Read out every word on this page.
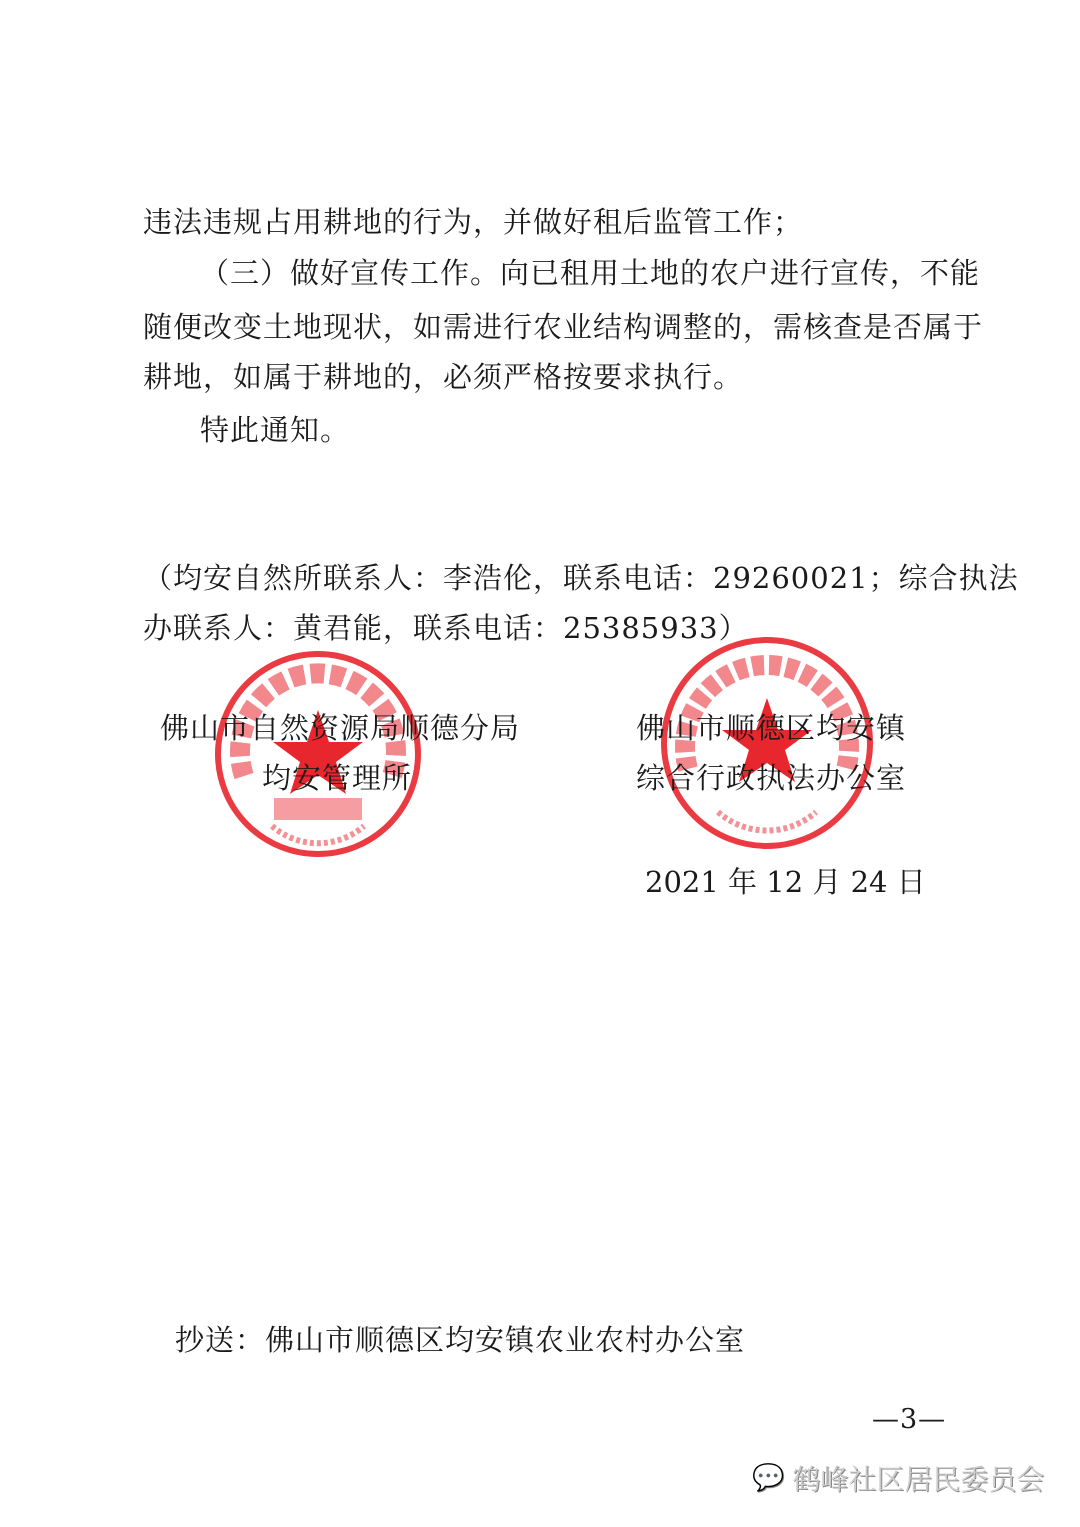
违法违规占用耕地的行为，并做好租后监管工作；
（三）做好宣传工作。向已租用土地的农户进行宣传，不能
随便改变土地现状，如需进行农业结构调整的，需核查是否属于
耕地，如属于耕地的，必须严格按要求执行。
特此通知。
（均安自然所联系人：李浩伦，联系电话：29260021；综合执法
办联系人：黄君能，联系电话：25385933）
佛山市自然资源局顺德分局
均安管理所
佛山市顺德区均安镇
综合行政执法办公室
2021 年 12 月 24 日
抄送：佛山市顺德区均安镇农业农村办公室
—3—
💬 鹤峰社区居民委员会
